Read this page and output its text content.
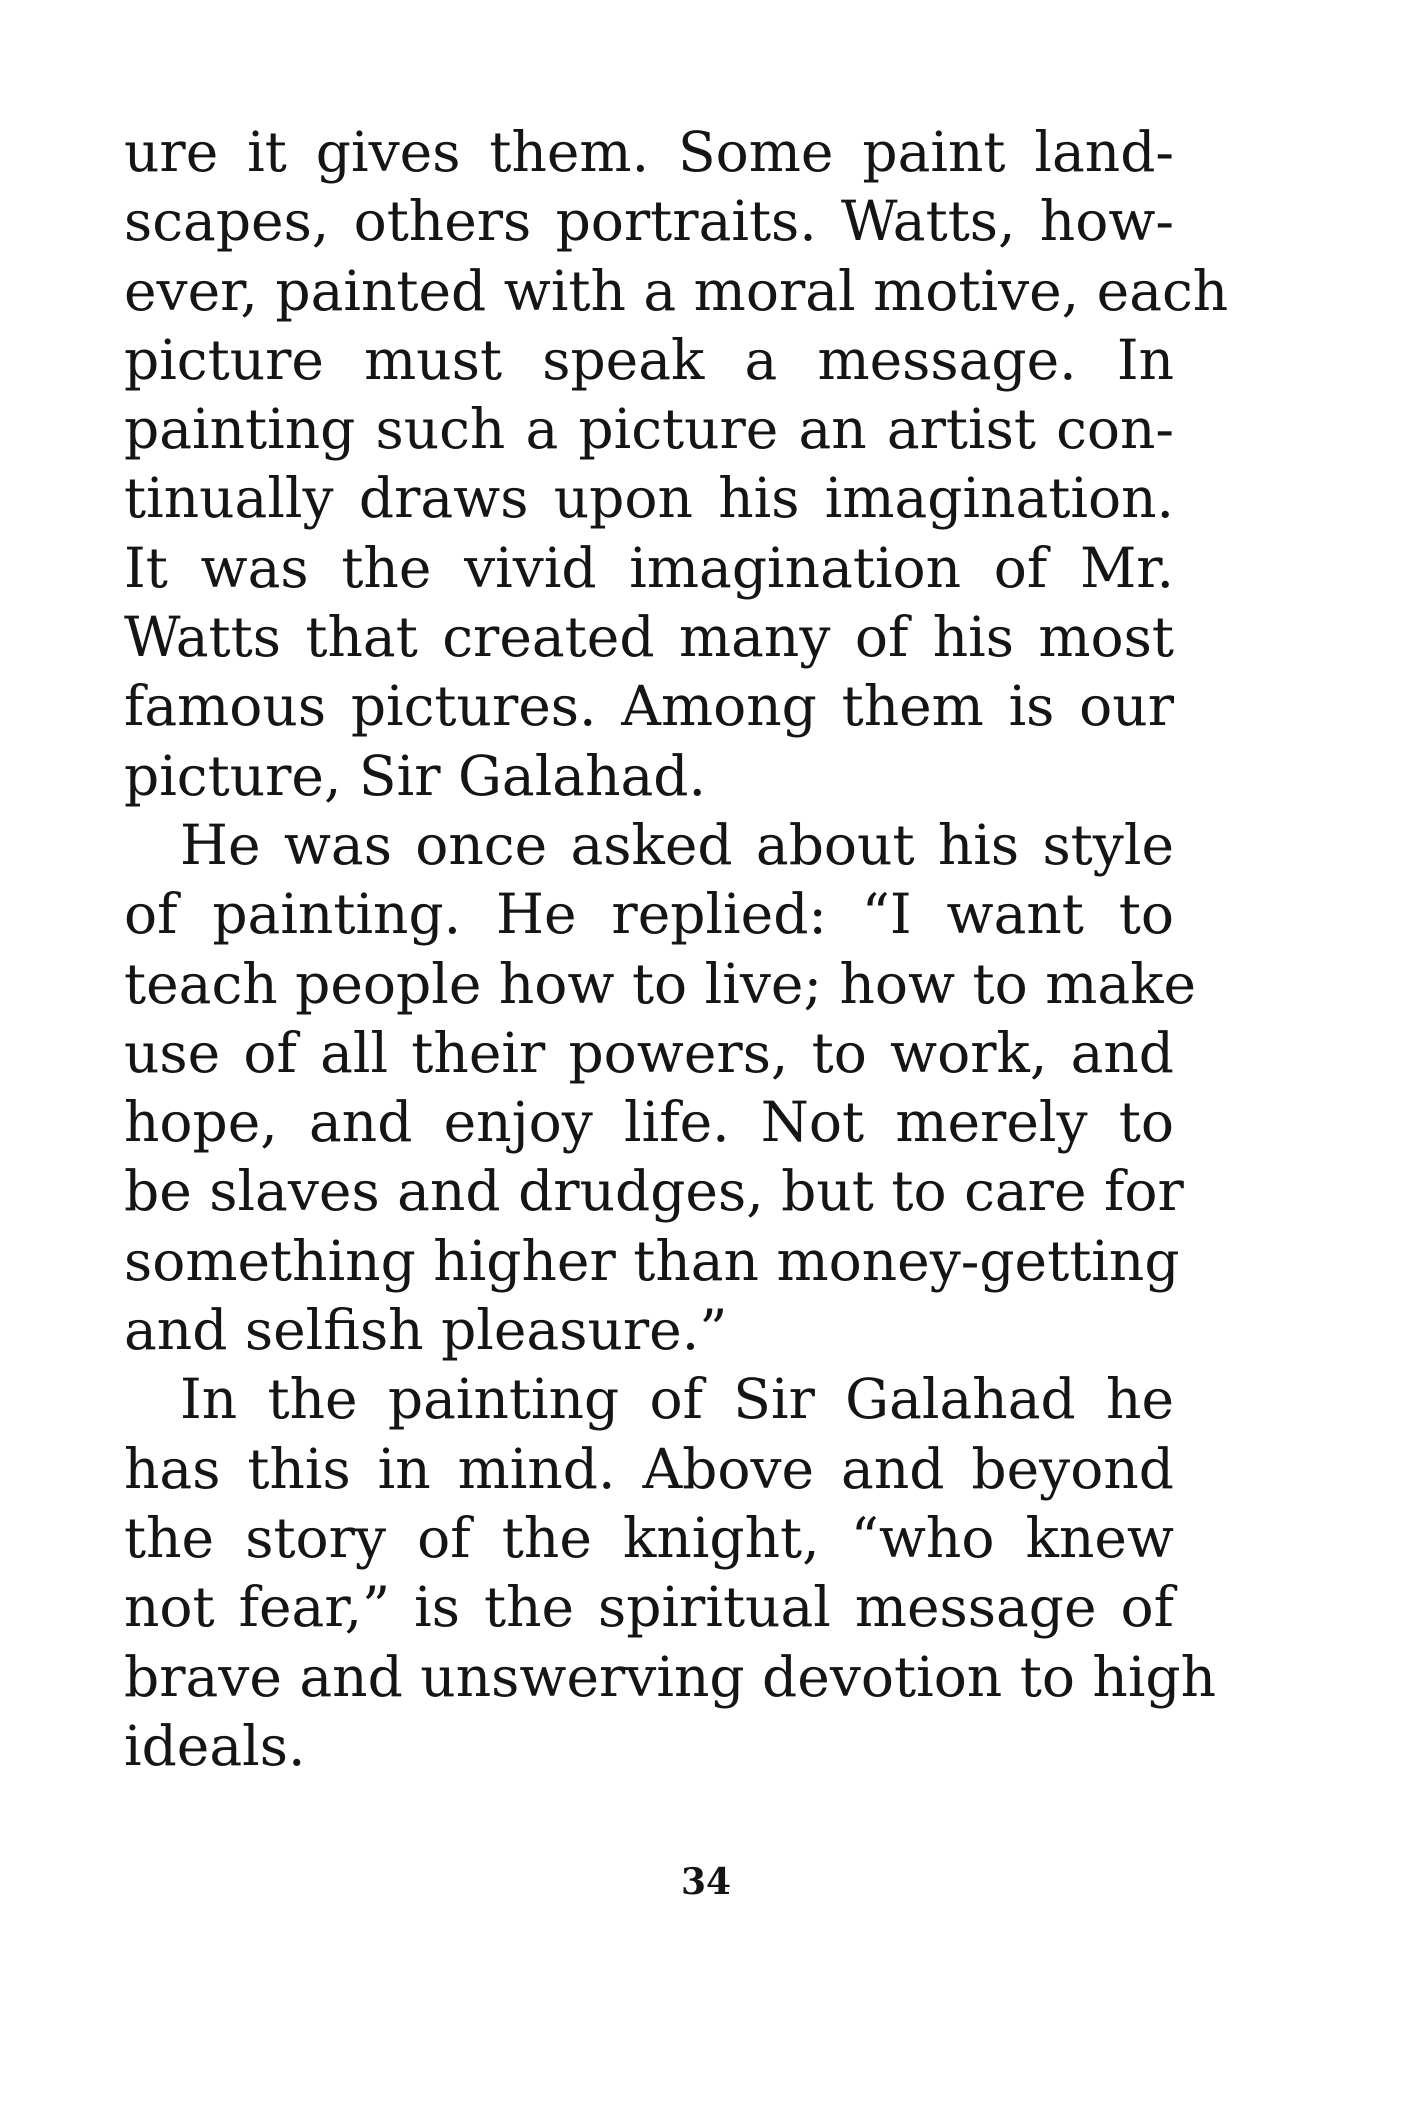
ure it gives them. Some paint land-
scapes, others portraits. Watts, how-
ever, painted with a moral motive, each
picture must speak a message. In
painting such a picture an artist con-
tinually draws upon his imagination.
It was the vivid imagination of Mr.
Watts that created many of his most
famous pictures. Among them is our
picture, Sir Galahad.
He was once asked about his style
of painting. He replied: “I want to
teach people how to live; how to make
use of all their powers, to work, and
hope, and enjoy life. Not merely to
be slaves and drudges, but to care for
something higher than money-getting
and selfish pleasure.”
In the painting of Sir Galahad he
has this in mind. Above and beyond
the story of the knight, “who knew
not fear,” is the spiritual message of
brave and unswerving devotion to high
ideals.
34
